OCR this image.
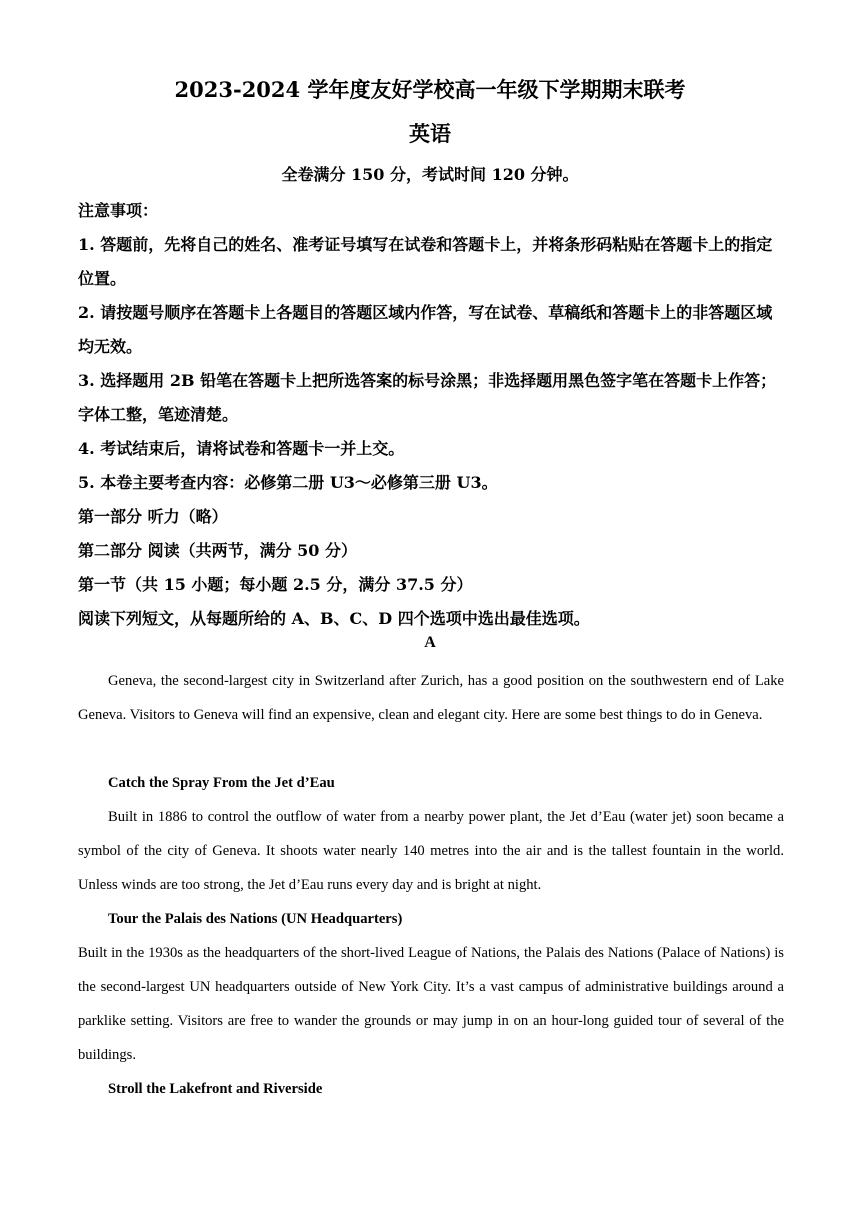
2023-2024 学年度友好学校高一年级下学期期末联考
英语
全卷满分 150 分，考试时间 120 分钟。
注意事项：
1. 答题前，先将自己的姓名、准考证号填写在试卷和答题卡上，并将条形码粘贴在答题卡上的指定位置。
2. 请按题号顺序在答题卡上各题目的答题区域内作答，写在试卷、草稿纸和答题卡上的非答题区域均无效。
3. 选择题用 2B 铅笔在答题卡上把所选答案的标号涂黑；非选择题用黑色签字笔在答题卡上作答；字体工整，笔迹清楚。
4. 考试结束后，请将试卷和答题卡一并上交。
5. 本卷主要考查内容：必修第二册 U3～必修第三册 U3。
第一部分 听力（略）
第二部分 阅读（共两节，满分 50 分）
第一节（共 15 小题；每小题 2.5 分，满分 37.5 分）
阅读下列短文，从每题所给的 A、B、C、D 四个选项中选出最佳选项。
A
Geneva, the second-largest city in Switzerland after Zurich, has a good position on the southwestern end of Lake Geneva. Visitors to Geneva will find an expensive, clean and elegant city. Here are some best things to do in Geneva.
Catch the Spray From the Jet d’Eau
Built in 1886 to control the outflow of water from a nearby power plant, the Jet d’Eau (water jet) soon became a symbol of the city of Geneva. It shoots water nearly 140 metres into the air and is the tallest fountain in the world. Unless winds are too strong, the Jet d’Eau runs every day and is bright at night.
Tour the Palais des Nations (UN Headquarters)
Built in the 1930s as the headquarters of the short-lived League of Nations, the Palais des Nations (Palace of Nations) is the second-largest UN headquarters outside of New York City. It’s a vast campus of administrative buildings around a parklike setting. Visitors are free to wander the grounds or may jump in on an hour-long guided tour of several of the buildings.
Stroll the Lakefront and Riverside
